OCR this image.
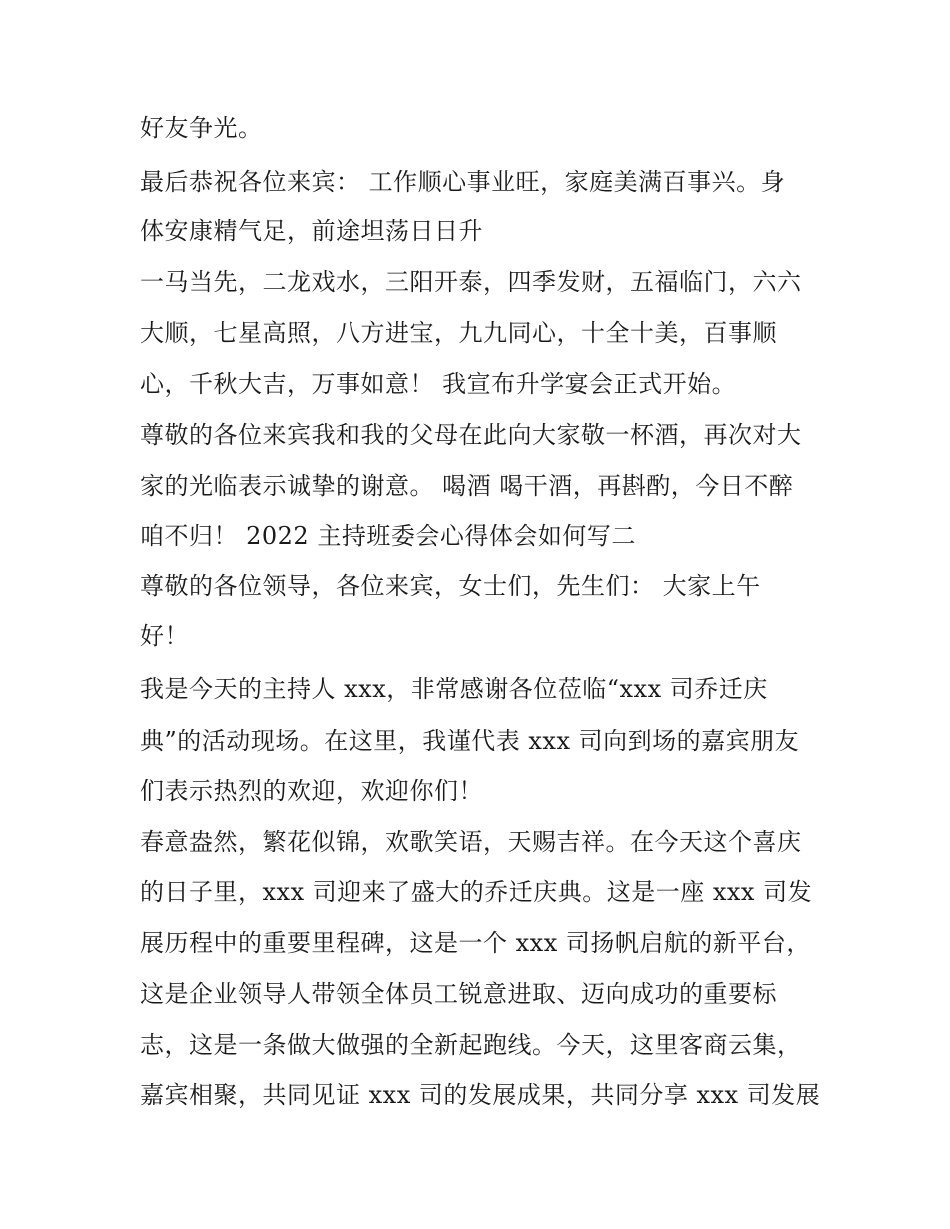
好友争光。
最后恭祝各位来宾： 工作顺心事业旺，家庭美满百事兴。身
体安康精气足，前途坦荡日日升
一马当先，二龙戏水，三阳开泰，四季发财，五福临门，六六
大顺，七星高照，八方进宝，九九同心，十全十美，百事顺
心，千秋大吉，万事如意！ 我宣布升学宴会正式开始。
尊敬的各位来宾我和我的父母在此向大家敬一杯酒，再次对大
家的光临表示诚挚的谢意。 喝酒 喝干酒，再斟酌，今日不醉
咱不归！ 2022 主持班委会心得体会如何写二
尊敬的各位领导，各位来宾，女士们，先生们： 大家上午
好！
我是今天的主持人 xxx，非常感谢各位莅临“xxx 司乔迁庆
典”的活动现场。在这里，我谨代表 xxx 司向到场的嘉宾朋友
们表示热烈的欢迎，欢迎你们！
春意盎然，繁花似锦，欢歌笑语，天赐吉祥。在今天这个喜庆
的日子里，xxx 司迎来了盛大的乔迁庆典。这是一座 xxx 司发
展历程中的重要里程碑，这是一个 xxx 司扬帆启航的新平台，
这是企业领导人带领全体员工锐意进取、迈向成功的重要标
志，这是一条做大做强的全新起跑线。今天，这里客商云集，
嘉宾相聚，共同见证 xxx 司的发展成果，共同分享 xxx 司发展
